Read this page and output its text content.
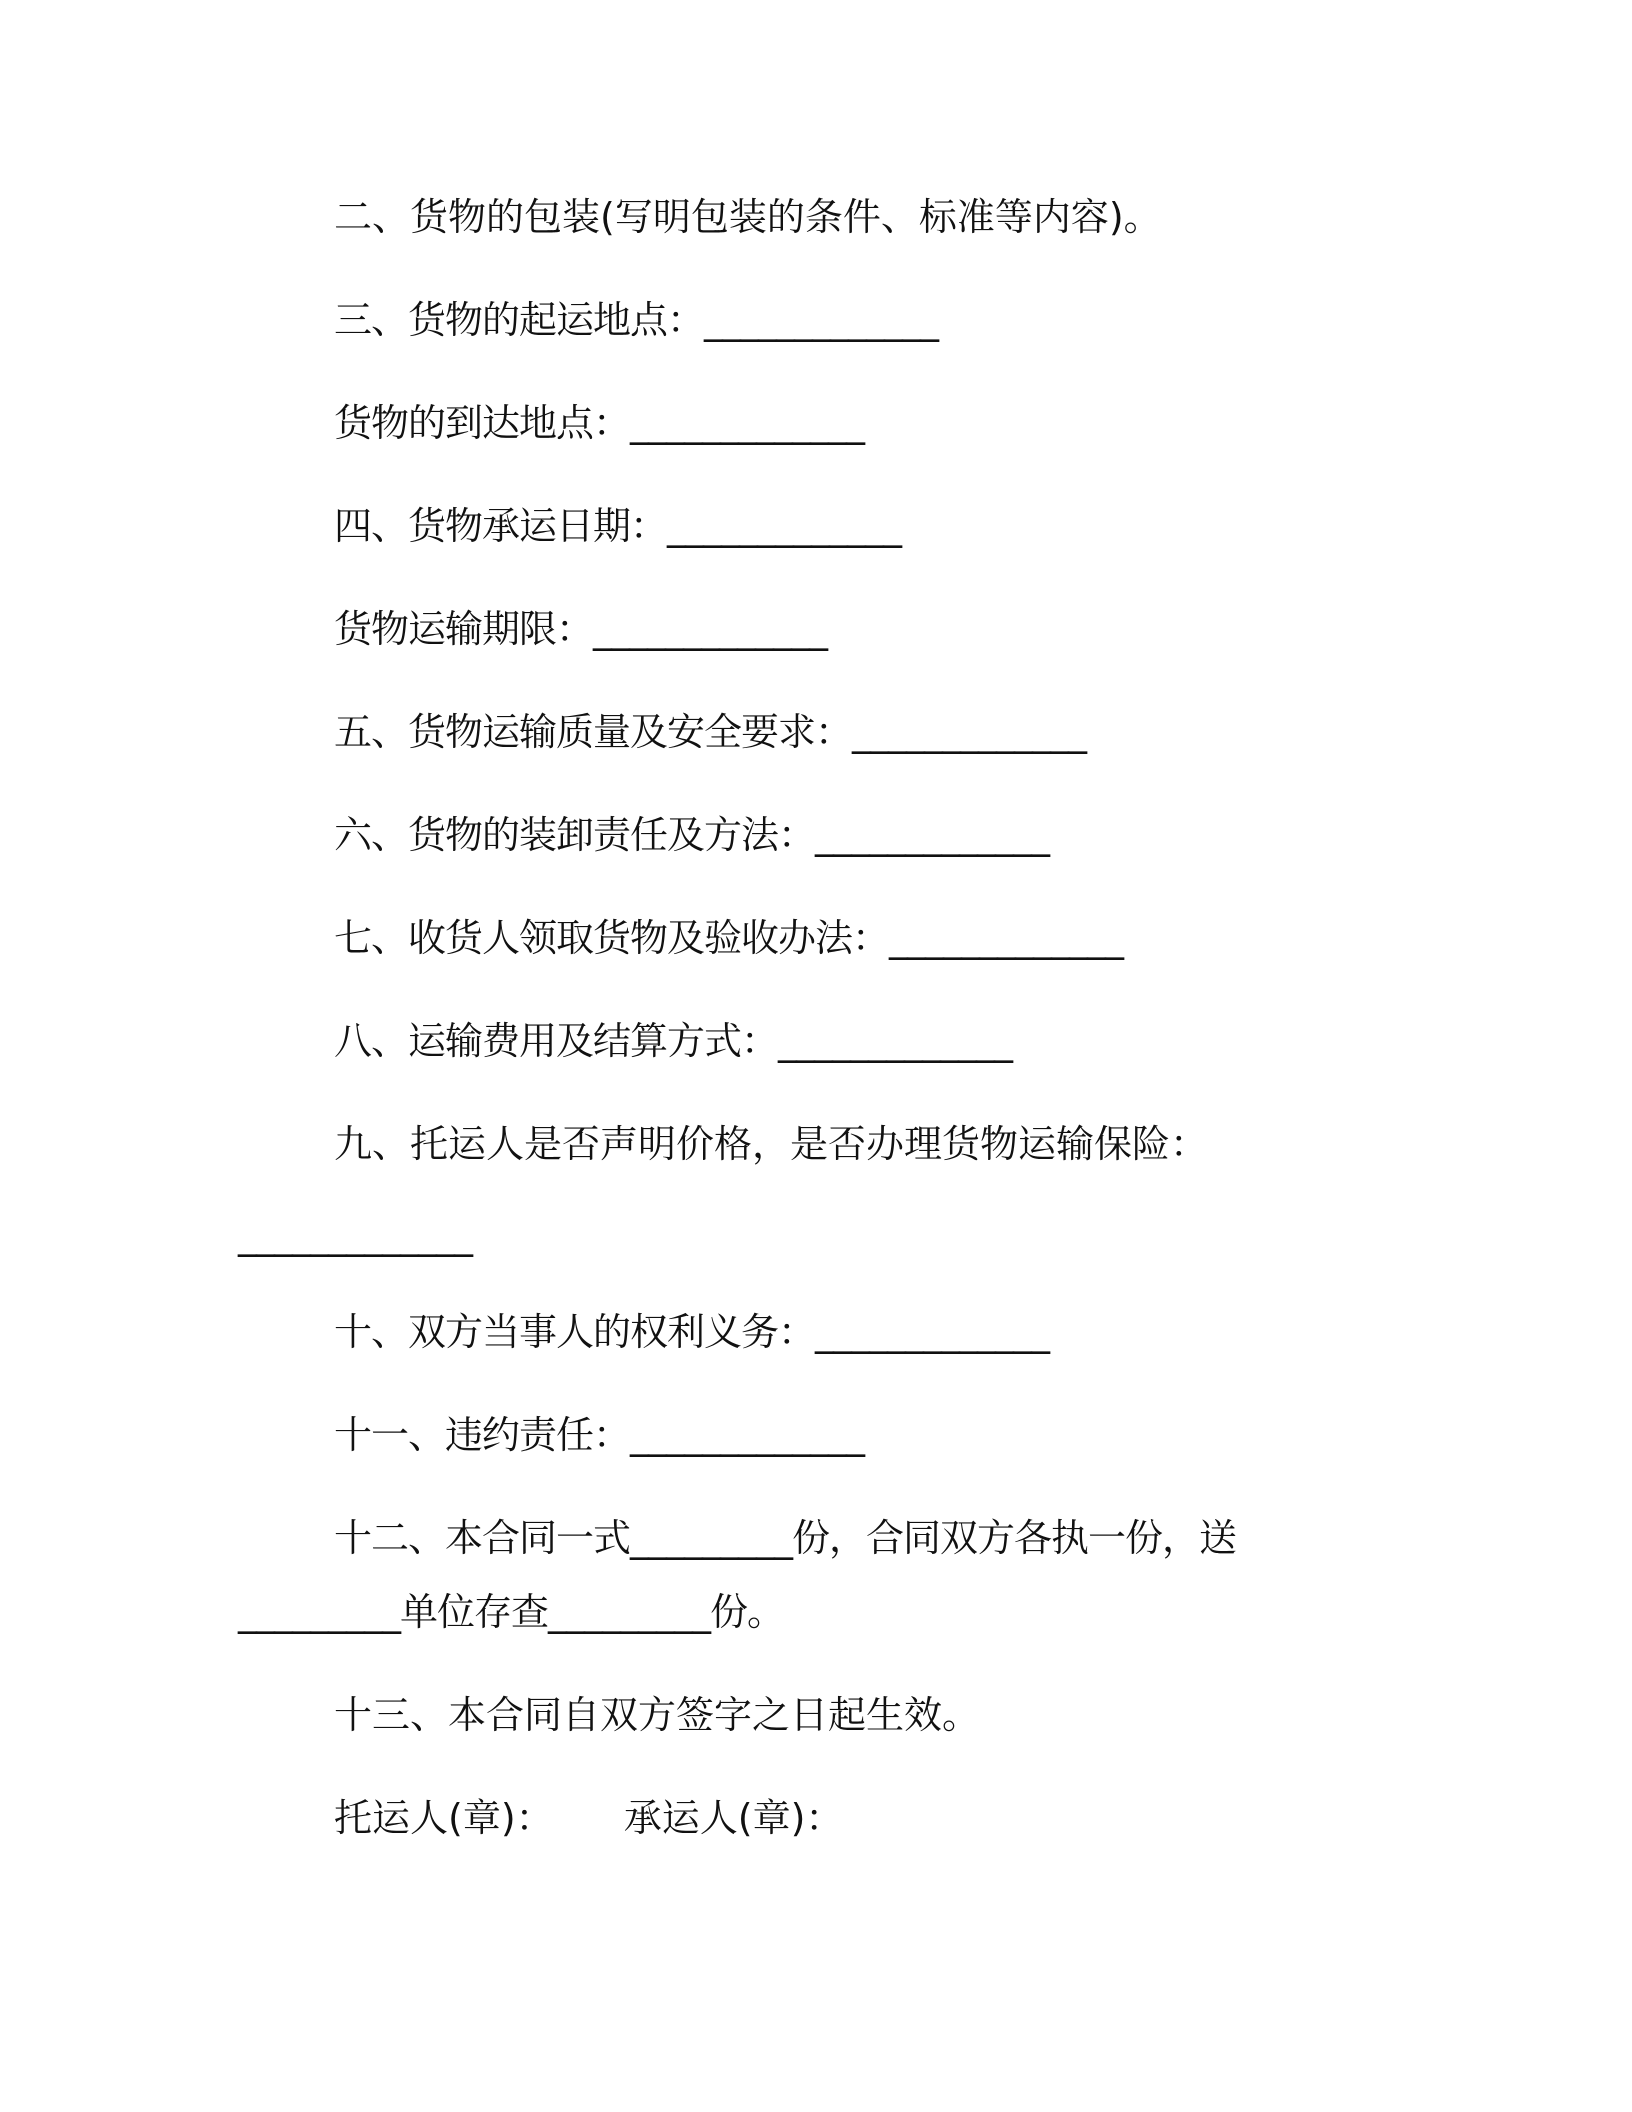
二、货物的包装(写明包装的条件、标准等内容)。
三、货物的起运地点：_____________
货物的到达地点：_____________
四、货物承运日期：_____________
货物运输期限：_____________
五、货物运输质量及安全要求：_____________
六、货物的装卸责任及方法：_____________
七、收货人领取货物及验收办法：_____________
八、运输费用及结算方式：_____________
九、托运人是否声明价格，是否办理货物运输保险：
_____________
十、双方当事人的权利义务：_____________
十一、违约责任：_____________
十二、本合同一式_________份，合同双方各执一份，送
_________单位存查_________份。
十三、本合同自双方签字之日起生效。
托运人(章)： 承运人(章)：
